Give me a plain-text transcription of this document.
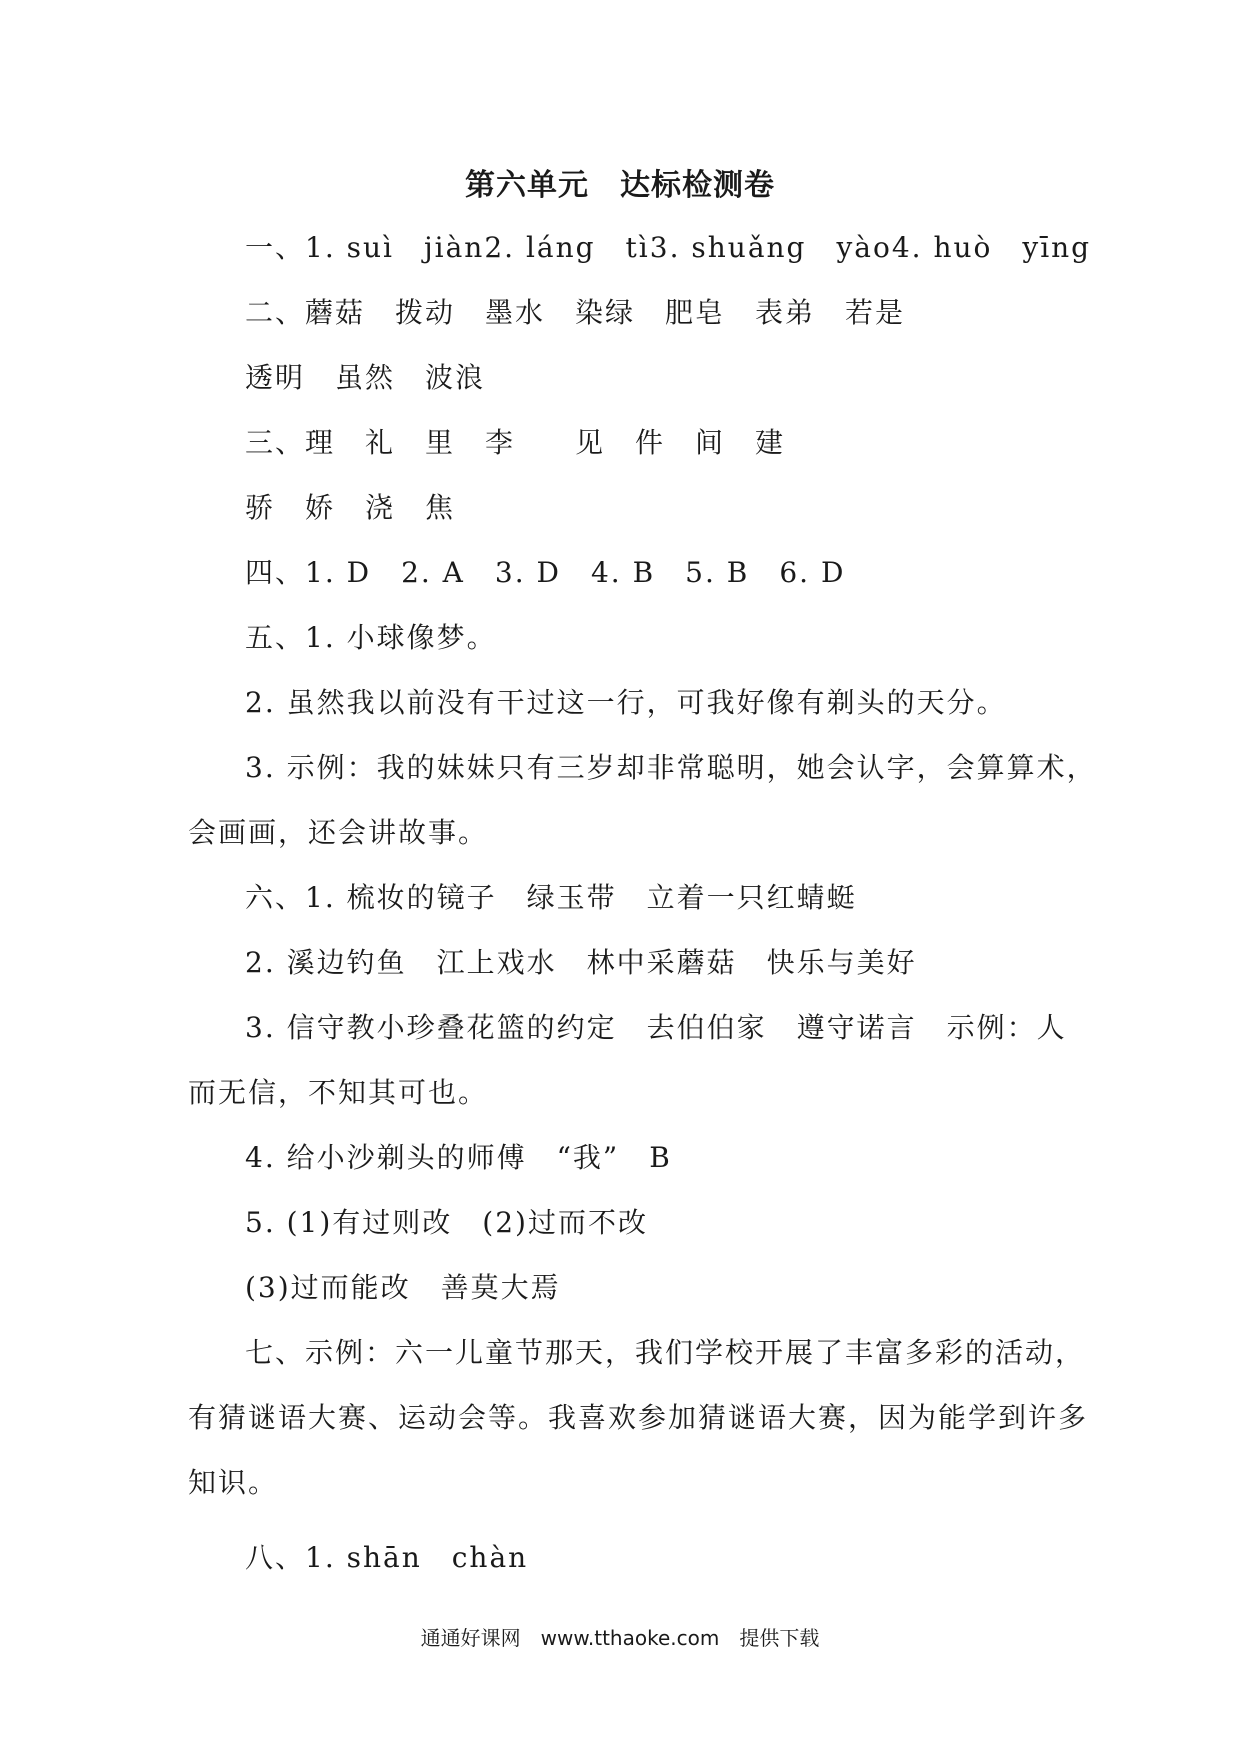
第六单元　达标检测卷
一、1. suì　jiàn2. láng　tì3. shuǎng　yào4. huò　yīng
二、蘑菇　拨动　墨水　染绿　肥皂　表弟　若是
透明　虽然　波浪
三、理　礼　里　李　　见　件　间　建
骄　娇　浇　焦
四、1. D　2. A　3. D　4. B　5. B　6. D
五、1. 小球像梦。
2. 虽然我以前没有干过这一行，可我好像有剃头的天分。
3. 示例：我的妹妹只有三岁却非常聪明，她会认字，会算算术，
会画画，还会讲故事。
六、1. 梳妆的镜子　绿玉带　立着一只红蜻蜓
2. 溪边钓鱼　江上戏水　林中采蘑菇　快乐与美好
3. 信守教小珍叠花篮的约定　去伯伯家　遵守诺言　示例：人
而无信，不知其可也。
4. 给小沙剃头的师傅　“我”　B
5. (1)有过则改　(2)过而不改
(3)过而能改　善莫大焉
七、示例：六一儿童节那天，我们学校开展了丰富多彩的活动，
有猜谜语大赛、运动会等。我喜欢参加猜谜语大赛，因为能学到许多
知识。
八、1. shān　chàn
通通好课网　www.tthaoke.com　提供下载
